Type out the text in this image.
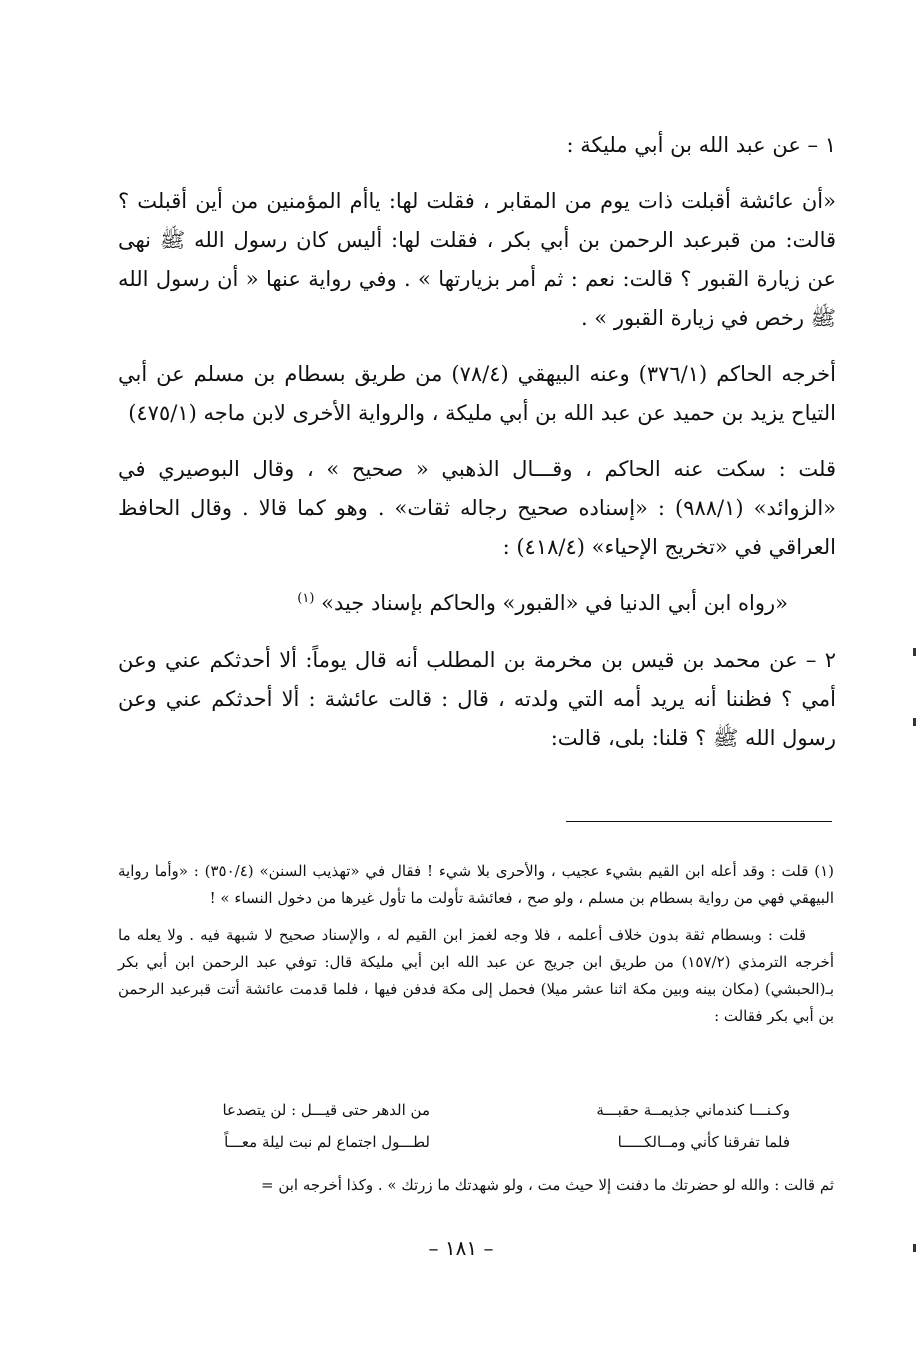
١ – عن عبد الله بن أبي مليكة :

«أن عائشة أقبلت ذات يوم من المقابر ، فقلت لها: ياأم المؤمنين من أين أقبلت ؟ قالت: من قبرعبد الرحمن بن أبي بكر ، فقلت لها: أليس كان رسول الله ﷺ نهى عن زيارة القبور ؟ قالت: نعم : ثم أمر بزيارتها » . وفي رواية عنها « أن رسول الله ﷺ رخص في زيارة القبور » .

أخرجه الحاكم (٣٧٦/١) وعنه البيهقي (٧٨/٤) من طريق بسطام بن مسلم عن أبي التياح يزيد بن حميد عن عبد الله بن أبي مليكة ، والرواية الأخرى لابن ماجه (٤٧٥/١)

قلت : سكت عنه الحاكم ، وقـــال الذهبي « صحيح » ، وقال البوصيري في «الزوائد» (٩٨٨/١) : «إسناده صحيح رجاله ثقات» . وهو كما قالا . وقال الحافظ العراقي في «تخريج الإحياء» (٤١٨/٤) :

«رواه ابن أبي الدنيا في «القبور» والحاكم بإسناد جيد» $^{(١)}$

٢ – عن محمد بن قيس بن مخرمة بن المطلب أنه قال يوماً: ألا أحدثكم عني وعن أمي ؟ فظننا أنه يريد أمه التي ولدته ، قال : قالت عائشة : ألا أحدثكم عني وعن رسول الله ﷺ ؟ قلنا: بلى، قالت:

(١) قلت : وقد أعله ابن القيم بشيء عجيب ، والأحرى بلا شيء ! فقال في «تهذيب السنن» (٣٥٠/٤) : «وأما رواية البيهقي فهي من رواية بسطام بن مسلم ، ولو صح ، فعائشة تأولت ما تأول غيرها من دخول النساء » !

قلت : وبسطام ثقة بدون خلاف أعلمه ، فلا وجه لغمز ابن القيم له ، والإسناد صحيح لا شبهة فيه . ولا يعله ما أخرجه الترمذي (١٥٧/٢) من طريق ابن جريج عن عبد الله ابن أبي مليكة قال: توفي عبد الرحمن ابن أبي بكر بـ(الحبشي) (مكان بينه وبين مكة اثنا عشر ميلا) فحمل إلى مكة فدفن فيها ، فلما قدمت عائشة أتت قبرعبد الرحمن بن أبي بكر فقالت :

وكـنـــا كندماني جذيمــة حقبـــة
من الدهر حتى قيـــل : لن يتصدعا
فلما تفرقنا كأني ومــالكـــــا
لطـــول اجتماع لم نبت ليلة معـــاً
ثم قالت : والله لو حضرتك ما دفنت إلا حيث مت ، ولو شهدتك ما زرتك » . وكذا أخرجه ابن =
– ١٨١ –
